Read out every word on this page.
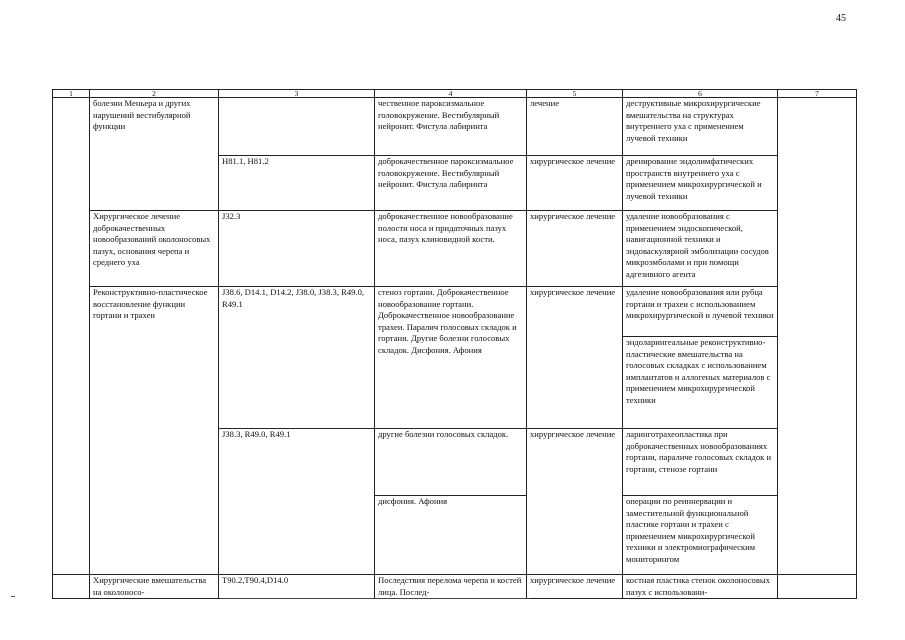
45
1	2	3	4	5	6	7
	болезни Меньера и других нарушений вестибулярной функции		чественное пароксизмальное головокружение. Вестибулярный нейронит. Фистула лабиринта	лечение	деструктивные микрохирургические вмешательства на структурах внутреннего уха с применением лучевой техники	
		H81.1, H81.2	доброкачественное пароксизмальное головокружение. Вестибулярный нейронит. Фистула лабиринта	хирургическое лечение	дренирование эндолимфатических пространств внутреннего уха с применением микрохирургической и лучевой техники	
	Хирургическое лечение доброкачественных новообразований околоносовых пазух, основания черепа и среднего уха	J32.3	доброкачественное новообразование полости носа и придаточных пазух носа, пазух клиновидной кости.	хирургическое лечение	удаление новообразования с применением эндоскопической, навигационной техники и эндоваскулярной эмболизации сосудов микроэмболами и при помощи адгезивного агента	
	Реконструктивно-пластическое восстановление функции гортани и трахеи	J38.6, D14.1, D14.2, J38.0, J38.3, R49.0, R49.1	стеноз гортани. Доброкачественное новообразование гортани. Доброкачественное новообразование трахеи. Паралич голосовых складок и гортани. Другие болезни голосовых складок. Дисфония. Афония	хирургическое лечение	удаление новообразования или рубца гортани и трахеи с использованием микрохирургической и лучевой техники	
					эндоларингеальные реконструктивно-пластические вмешательства на голосовых складках с использованием имплантатов и аллогеных материалов с применением микрохирургической техники	
		J38.3, R49.0, R49.1	другие болезни голосовых складок.	хирургическое лечение	ларинготрахеопластика при доброкачественных новообразованиях гортани, параличе голосовых складок и гортани, стенозе гортани	
			дисфония. Афония		операции по реиннервации и заместительной функциональной пластике гортани и трахеи с применением микрохирургической техники и электромиографическим мониторингом	
	Хирургические вмешательства на околоносо-	T90.2,T90.4,D14.0	Последствия перелома черепа и костей лица. Послед-	хирургическое лечение	костная пластика стенок околоносовых пазух с использовани-	
